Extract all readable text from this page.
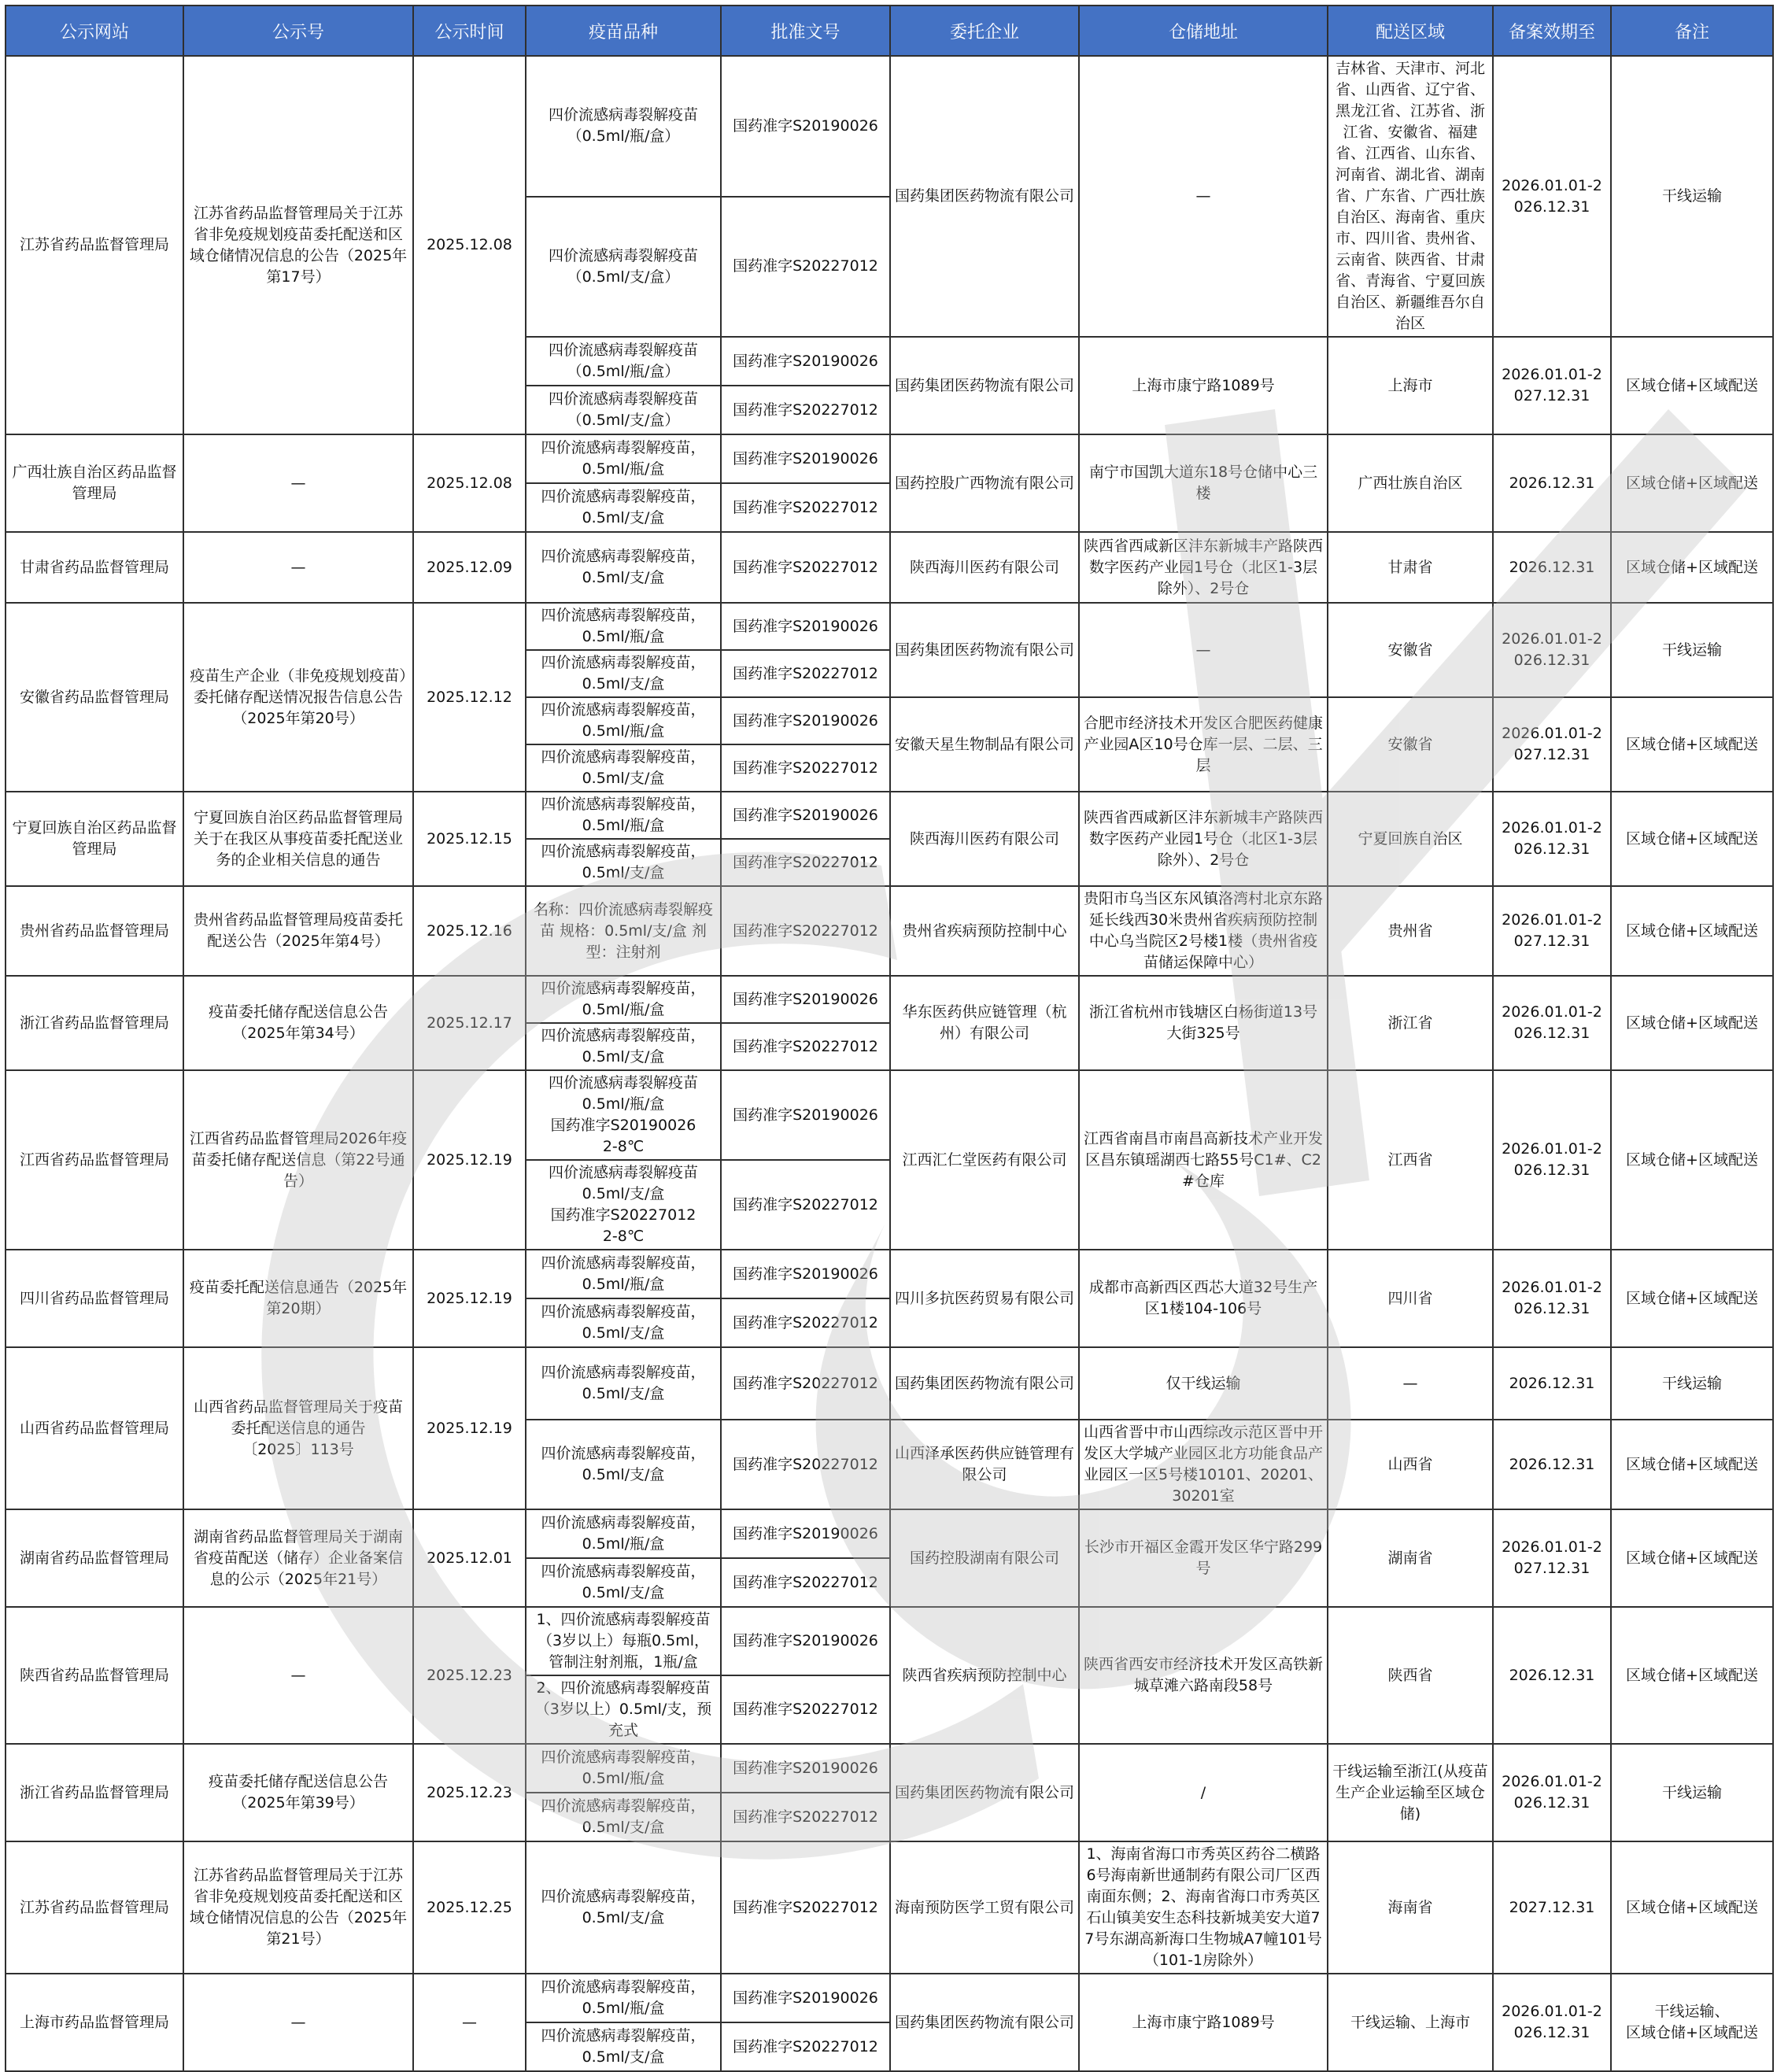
公示网站	公示号	公示时间	疫苗品种	批准文号	委托企业	仓储地址	配送区域	备案效期至	备注
江苏省药品监督管理局	江苏省药品监督管理局关于江苏省非免疫规划疫苗委托配送和区域仓储情况信息的公告（2025年第17号）	2025.12.08	四价流感病毒裂解疫苗
（0.5ml/瓶/盒）	国药准字S20190026	国药集团医药物流有限公司	—	吉林省、天津市、河北省、山西省、辽宁省、黑龙江省、江苏省、浙江省、安徽省、福建省、江西省、山东省、河南省、湖北省、湖南省、广东省、广西壮族自治区、海南省、重庆市、四川省、贵州省、云南省、陕西省、甘肃省、青海省、宁夏回族自治区、新疆维吾尔自治区	2026.01.01-2026.12.31	干线运输
			四价流感病毒裂解疫苗
（0.5ml/支/盒）	国药准字S20227012					
			四价流感病毒裂解疫苗
（0.5ml/瓶/盒）	国药准字S20190026	国药集团医药物流有限公司	上海市康宁路1089号	上海市	2026.01.01-2027.12.31	区域仓储+区域配送
			四价流感病毒裂解疫苗
（0.5ml/支/盒）	国药准字S20227012					
广西壮族自治区药品监督管理局	—	2025.12.08	四价流感病毒裂解疫苗，
0.5ml/瓶/盒	国药准字S20190026	国药控股广西物流有限公司	南宁市国凯大道东18号仓储中心三楼	广西壮族自治区	2026.12.31	区域仓储+区域配送
			四价流感病毒裂解疫苗，
0.5ml/支/盒	国药准字S20227012					
甘肃省药品监督管理局	—	2025.12.09	四价流感病毒裂解疫苗，
0.5ml/支/盒	国药准字S20227012	陕西海川医药有限公司	陕西省西咸新区沣东新城丰产路陕西数字医药产业园1号仓（北区1-3层除外）、2号仓	甘肃省	2026.12.31	区域仓储+区域配送
安徽省药品监督管理局	疫苗生产企业（非免疫规划疫苗）委托储存配送情况报告信息公告（2025年第20号）	2025.12.12	四价流感病毒裂解疫苗，
0.5ml/瓶/盒	国药准字S20190026	国药集团医药物流有限公司	—	安徽省	2026.01.01-2026.12.31	干线运输
			四价流感病毒裂解疫苗，
0.5ml/支/盒	国药准字S20227012					
			四价流感病毒裂解疫苗，
0.5ml/瓶/盒	国药准字S20190026	安徽天星生物制品有限公司	合肥市经济技术开发区合肥医药健康产业园A区10号仓库一层、二层、三层	安徽省	2026.01.01-2027.12.31	区域仓储+区域配送
			四价流感病毒裂解疫苗，
0.5ml/支/盒	国药准字S20227012					
宁夏回族自治区药品监督管理局	宁夏回族自治区药品监督管理局关于在我区从事疫苗委托配送业务的企业相关信息的通告	2025.12.15	四价流感病毒裂解疫苗，
0.5ml/瓶/盒	国药准字S20190026	陕西海川医药有限公司	陕西省西咸新区沣东新城丰产路陕西数字医药产业园1号仓（北区1-3层除外）、2号仓	宁夏回族自治区	2026.01.01-2026.12.31	区域仓储+区域配送
			四价流感病毒裂解疫苗，
0.5ml/支/盒	国药准字S20227012					
贵州省药品监督管理局	贵州省药品监督管理局疫苗委托配送公告（2025年第4号）	2025.12.16	名称：四价流感病毒裂解疫苗 规格：0.5ml/支/盒 剂型：注射剂	国药准字S20227012	贵州省疾病预防控制中心	贵阳市乌当区东风镇洛湾村北京东路延长线西30米贵州省疾病预防控制中心乌当院区2号楼1楼（贵州省疫苗储运保障中心）	贵州省	2026.01.01-2027.12.31	区域仓储+区域配送
浙江省药品监督管理局	疫苗委托储存配送信息公告
（2025年第34号）	2025.12.17	四价流感病毒裂解疫苗，
0.5ml/瓶/盒	国药准字S20190026	华东医药供应链管理（杭州）有限公司	浙江省杭州市钱塘区白杨街道13号大街325号	浙江省	2026.01.01-2026.12.31	区域仓储+区域配送
			四价流感病毒裂解疫苗，
0.5ml/支/盒	国药准字S20227012					
江西省药品监督管理局	江西省药品监督管理局2026年疫苗委托储存配送信息（第22号通告）	2025.12.19	四价流感病毒裂解疫苗
0.5ml/瓶/盒
国药准字S20190026
2-8℃	国药准字S20190026	江西汇仁堂医药有限公司	江西省南昌市南昌高新技术产业开发区昌东镇瑶湖西七路55号C1#、C2#仓库	江西省	2026.01.01-2026.12.31	区域仓储+区域配送
			四价流感病毒裂解疫苗
0.5ml/支/盒
国药准字S20227012
2-8℃	国药准字S20227012					
四川省药品监督管理局	疫苗委托配送信息通告（2025年第20期）	2025.12.19	四价流感病毒裂解疫苗，
0.5ml/瓶/盒	国药准字S20190026	四川多抗医药贸易有限公司	成都市高新西区西芯大道32号生产区1楼104-106号	四川省	2026.01.01-2026.12.31	区域仓储+区域配送
			四价流感病毒裂解疫苗，
0.5ml/支/盒	国药准字S20227012					
山西省药品监督管理局	山西省药品监督管理局关于疫苗委托配送信息的通告
〔2025〕113号	2025.12.19	四价流感病毒裂解疫苗，
0.5ml/支/盒	国药准字S20227012	国药集团医药物流有限公司	仅干线运输	—	2026.12.31	干线运输
			四价流感病毒裂解疫苗，
0.5ml/支/盒	国药准字S20227012	山西泽承医药供应链管理有限公司	山西省晋中市山西综改示范区晋中开发区大学城产业园区北方功能食品产业园区一区5号楼10101、20201、30201室	山西省	2026.12.31	区域仓储+区域配送
湖南省药品监督管理局	湖南省药品监督管理局关于湖南省疫苗配送（储存）企业备案信息的公示（2025年21号）	2025.12.01	四价流感病毒裂解疫苗，
0.5ml/瓶/盒	国药准字S20190026	国药控股湖南有限公司	长沙市开福区金霞开发区华宁路299号	湖南省	2026.01.01-2027.12.31	区域仓储+区域配送
			四价流感病毒裂解疫苗，
0.5ml/支/盒	国药准字S20227012					
陕西省药品监督管理局	—	2025.12.23	1、四价流感病毒裂解疫苗（3岁以上）每瓶0.5ml，管制注射剂瓶，1瓶/盒	国药准字S20190026	陕西省疾病预防控制中心	陕西省西安市经济技术开发区高铁新城草滩六路南段58号	陕西省	2026.12.31	区域仓储+区域配送
			2、四价流感病毒裂解疫苗（3岁以上）0.5ml/支，预充式	国药准字S20227012					
浙江省药品监督管理局	疫苗委托储存配送信息公告
（2025年第39号）	2025.12.23	四价流感病毒裂解疫苗，
0.5ml/瓶/盒	国药准字S20190026	国药集团医药物流有限公司	/	干线运输至浙江(从疫苗生产企业运输至区域仓储)	2026.01.01-2026.12.31	干线运输
			四价流感病毒裂解疫苗，
0.5ml/支/盒	国药准字S20227012					
江苏省药品监督管理局	江苏省药品监督管理局关于江苏省非免疫规划疫苗委托配送和区域仓储情况信息的公告（2025年第21号）	2025.12.25	四价流感病毒裂解疫苗，
0.5ml/支/盒	国药准字S20227012	海南预防医学工贸有限公司	1、海南省海口市秀英区药谷二横路6号海南新世通制药有限公司厂区西南面东侧；2、海南省海口市秀英区石山镇美安生态科技新城美安大道77号东湖高新海口生物城A7幢101号（101-1房除外）	海南省	2027.12.31	区域仓储+区域配送
上海市药品监督管理局	—	—	四价流感病毒裂解疫苗，
0.5ml/瓶/盒	国药准字S20190026	国药集团医药物流有限公司	上海市康宁路1089号	干线运输、上海市	2026.01.01-2026.12.31	干线运输、
区域仓储+区域配送
			四价流感病毒裂解疫苗，
0.5ml/支/盒	国药准字S20227012					
